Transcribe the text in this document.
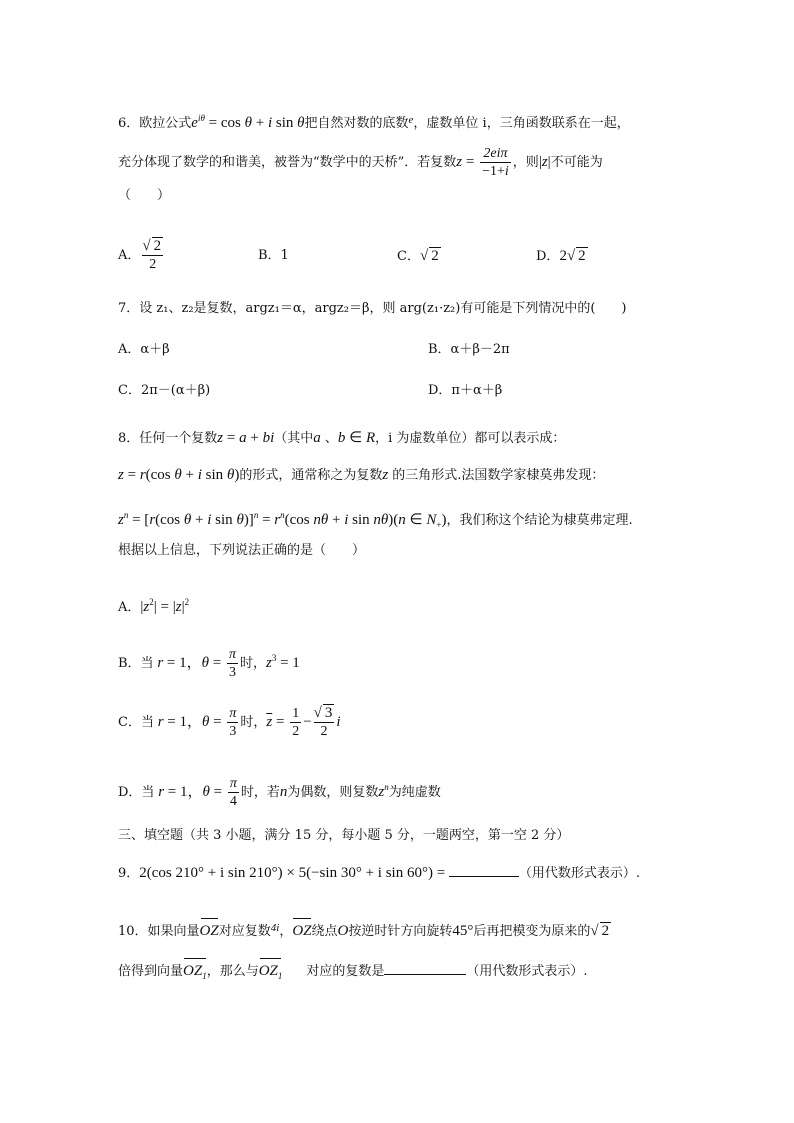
6．欧拉公式$e^{i\theta} = \cos \theta + i$ sin θ把自然对数的底数$^e$，虚数单位 i，三角函数联系在一起，
充分体现了数学的和谐美，被誉为“数学中的天桥”．若复数$z = \frac{\text{2eiπ}}{-1+i}$ ，则|z|不可能为
（　　）
A． $\frac{√ 2}{2}$	B．1	C．√ 2	D．2√ 2
7．设 z₁、z₂是复数，argz₁＝α，argz₂＝β，则 arg(z₁·z₂)有可能是下列情况中的(　　)
A．α＋β	B．α＋β－2π
C．2π－(α＋β)	D．π＋α＋β
8．任何一个复数z = a + bi（其中a 、b ∈ R，i 为虚数单位）都可以表示成：
z = r(cos θ + i sin θ)的形式，通常称之为复数z 的三角形式.法国数学家棣莫弗发现：
$z^n = [r(\cos$ θ + i $\sin \theta)]^n = r^n(\cos$ nθ + i sin nθ)(n ∈ $N_+$)，我们称这个结论为棣莫弗定理.
根据以上信息，下列说法正确的是（　　）
A．$|z^2| = |z|^2$
B．当 r = 1，$\theta = \frac{\pi}{3}$ 时，$z^3 = 1$
C．当 r = 1，$\theta = \frac{\pi}{3}$ 时，$\overline{z} = \frac{1}{2} - \frac{√ 3}{2}$ i
D．当 r = 1，$\theta = \frac{\pi}{4}$ 时，若n为偶数，则复数$z^n$为纯虚数
三、填空题（共 3 小题，满分 15 分，每小题 5 分，一题两空，第一空 2 分）
9．2(cos 210° + i sin 210°) × 5(−sin 30° + i sin 60°) =	（用代数形式表示）.
10．如果向量OZ对应复数$^{4i}$，OZ绕点O按逆时针方向旋转45°后再把模变为原来的√ 2
倍得到向量$OZ_1$，那么与$OZ_1$ 对应的复数是	（用代数形式表示）.
